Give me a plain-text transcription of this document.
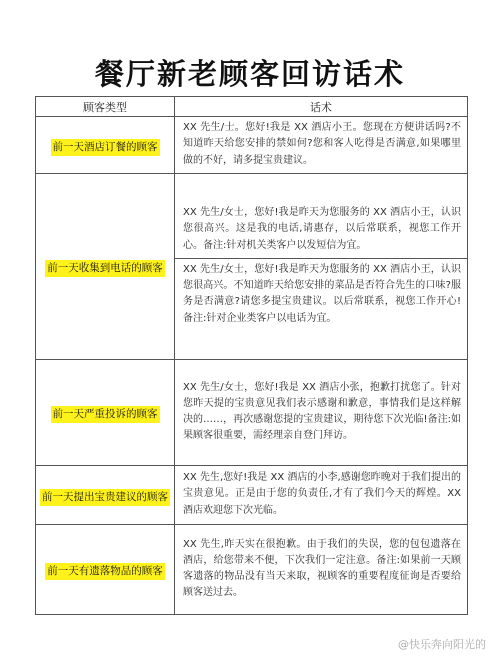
餐厅新老顾客回访话术
顾客类型	话术
前一天酒店订餐的顾客	XX 先生/士。您好!我是 XX 酒店小王。您现在方便讲话吗?不知道昨天给您安排的禁如何?您和客人吃得是否满意,如果哪里做的不好，请多提宝贵建议。

前一天收集到电话的顾客	XX 先生/女士，您好!我是昨天为您服务的 XX 酒店小王，认识您很高兴。这是我的电话,请惠存，以后常联系，视您工作开心。备注:针对机关类客户以发短信为宜。
XX 先生/女士，您好!我是昨天为您服务的 XX 酒店小王，认识您很高兴。不知道昨天给您安排的菜品是否符合先生的口味?服务是否满意?请您多提宝贵建议。以后常联系，视您工作开心!备注:针对企业类客户以电话为宜。

前一天严重投诉的顾客	XX 先生/女士，您好!我是 XX 酒店小张，抱歉打扰您了。针对您昨天提的宝贵意见我们表示感谢和歉意，事情我们是这样解决的……，再次感谢您提的宝贵建议，期待您下次光临!备注:如果顾客很重要，需经理亲自登门拜访。

前一天提出宝贵建议的顾客	XX 先生,您好!我是 XX 酒店的小李,感谢您昨晚对于我们提出的宝贵意见。正是由于您的负责任,才有了我们今天的辉煌。XX 酒店欢迎您下次光临。

前一天有遗落物品的顾客	XX 先生,昨天实在很抱歉。由于我们的失误，您的包包遗落在酒店，给您带来不便，下次我们一定注意。备注:如果前一天顾客遗落的物品没有当天来取，视顾客的重要程度征询是否要给顾客送过去。
@快乐奔向阳光的
